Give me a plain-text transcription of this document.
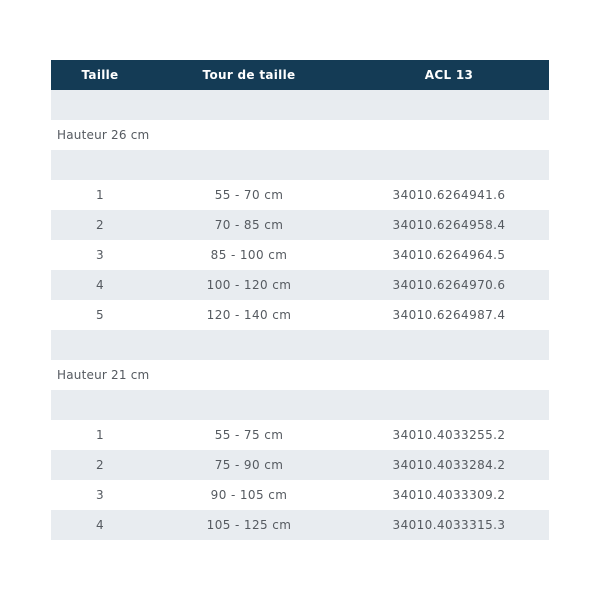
Taille	Tour de taille	ACL 13
Hauteur 26 cm
1	55 - 70 cm	34010.6264941.6
2	70 - 85 cm	34010.6264958.4
3	85 - 100 cm	34010.6264964.5
4	100 - 120 cm	34010.6264970.6
5	120 - 140 cm	34010.6264987.4
Hauteur 21 cm
1	55 - 75 cm	34010.4033255.2
2	75 - 90 cm	34010.4033284.2
3	90 - 105 cm	34010.4033309.2
4	105 - 125 cm	34010.4033315.3
